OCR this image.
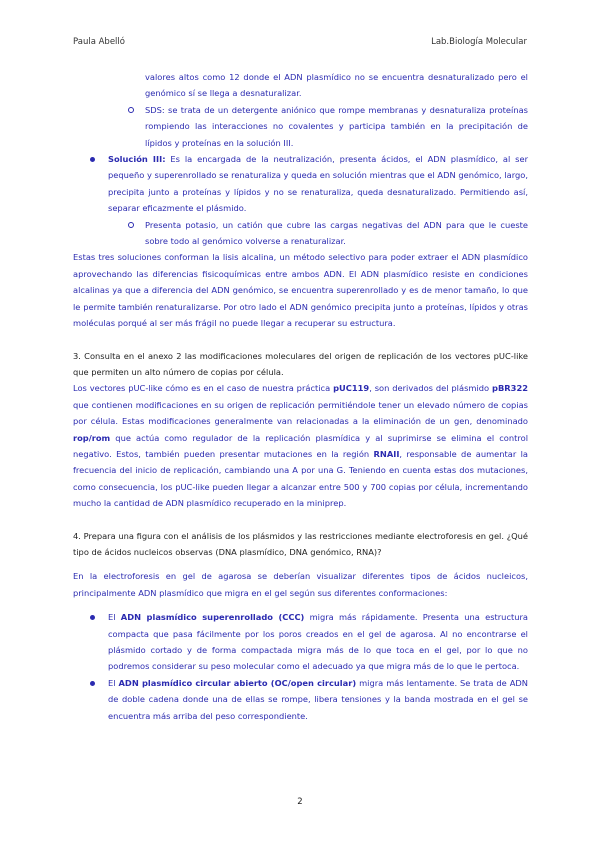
Paula Abelló	Lab.Biología Molecular

valores altos como 12 donde el ADN plasmídico no se encuentra desnaturalizado pero el genómico sí se llega a desnaturalizar.

SDS: se trata de un detergente aniónico que rompe membranas y desnaturaliza proteínas rompiendo las interacciones no covalentes y participa también en la precipitación de lípidos y proteínas en la solución III.

Solución III: Es la encargada de la neutralización, presenta ácidos, el ADN plasmídico, al ser pequeño y superenrollado se renaturaliza y queda en solución mientras que el ADN genómico, largo, precipita junto a proteínas y lípidos y no se renaturaliza, queda desnaturalizado. Permitiendo así, separar eficazmente el plásmido.

Presenta potasio, un catión que cubre las cargas negativas del ADN para que le cueste sobre todo al genómico volverse a renaturalizar.

Estas tres soluciones conforman la lisis alcalina, un método selectivo para poder extraer el ADN plasmídico aprovechando las diferencias fisicoquímicas entre ambos ADN. El ADN plasmídico resiste en condiciones alcalinas ya que a diferencia del ADN genómico, se encuentra superenrollado y es de menor tamaño, lo que le permite también renaturalizarse. Por otro lado el ADN genómico precipita junto a proteínas, lípidos y otras moléculas porqué al ser más frágil no puede llegar a recuperar su estructura.

3. Consulta en el anexo 2 las modificaciones moleculares del origen de replicación de los vectores pUC-like que permiten un alto número de copias por célula.

Los vectores pUC-like cómo es en el caso de nuestra práctica pUC119, son derivados del plásmido pBR322 que contienen modificaciones en su origen de replicación permitiéndole tener un elevado número de copias por célula. Estas modificaciones generalmente van relacionadas a la eliminación de un gen, denominado rop/rom que actúa como regulador de la replicación plasmídica y al suprimirse se elimina el control negativo. Estos, también pueden presentar mutaciones en la región RNAII, responsable de aumentar la frecuencia del inicio de replicación, cambiando una A por una G. Teniendo en cuenta estas dos mutaciones, como consecuencia, los pUC-like pueden llegar a alcanzar entre 500 y 700 copias por célula, incrementando mucho la cantidad de ADN plasmídico recuperado en la miniprep.

4. Prepara una figura con el análisis de los plásmidos y las restricciones mediante electroforesis en gel. ¿Qué tipo de ácidos nucleicos observas (DNA plasmídico, DNA genómico, RNA)?

En la electroforesis en gel de agarosa se deberían visualizar diferentes tipos de ácidos nucleicos, principalmente ADN plasmídico que migra en el gel según sus diferentes conformaciones:

El ADN plasmídico superenrollado (CCC) migra más rápidamente. Presenta una estructura compacta que pasa fácilmente por los poros creados en el gel de agarosa. Al no encontrarse el plásmido cortado y de forma compactada migra más de lo que toca en el gel, por lo que no podremos considerar su peso molecular como el adecuado ya que migra más de lo que le pertoca.

El ADN plasmídico circular abierto (OC/open circular) migra más lentamente. Se trata de ADN de doble cadena donde una de ellas se rompe, libera tensiones y la banda mostrada en el gel se encuentra más arriba del peso correspondiente.

2
